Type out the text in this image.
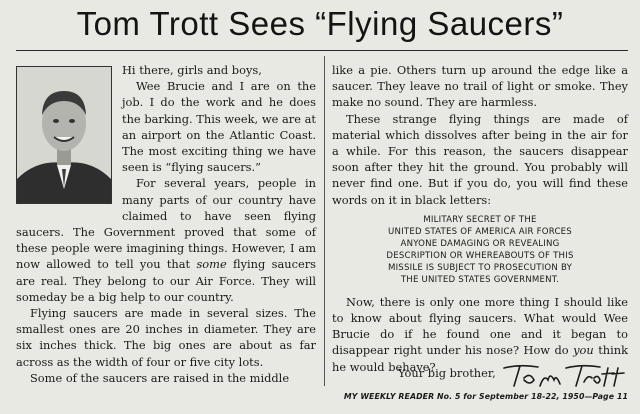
Tom Trott Sees “Flying Saucers”

Hi there, girls and boys,

Wee Brucie and I are on the job. I do the work and he does the barking. This week, we are at an airport on the Atlantic Coast. The most exciting thing we have seen is “flying saucers.”

For several years, people in many parts of our country have claimed to have seen flying saucers. The Government proved that some of these people were imagining things. However, I am now allowed to tell you that some flying saucers are real. They belong to our Air Force. They will someday be a big help to our country.

Flying saucers are made in several sizes. The smallest ones are 20 inches in diameter. They are six inches thick. The big ones are about as far across as the width of four or five city lots.

Some of the saucers are raised in the middle

like a pie. Others turn up around the edge like a saucer. They leave no trail of light or smoke. They make no sound. They are harmless.

These strange flying things are made of material which dissolves after being in the air for a while. For this reason, the saucers disappear soon after they hit the ground. You probably will never find one. But if you do, you will find these words on it in black letters:

MILITARY SECRET OF THE
UNITED STATES OF AMERICA AIR FORCES
ANYONE DAMAGING OR REVEALING
DESCRIPTION OR WHEREABOUTS OF THIS
MISSILE IS SUBJECT TO PROSECUTION BY
THE UNITED STATES GOVERNMENT.

Now, there is only one more thing I should like to know about flying saucers. What would Wee Brucie do if he found one and it began to disappear right under his nose? How do you think he would behave?

Your big brother,
MY WEEKLY READER No. 5 for September 18-22, 1950—Page 11
